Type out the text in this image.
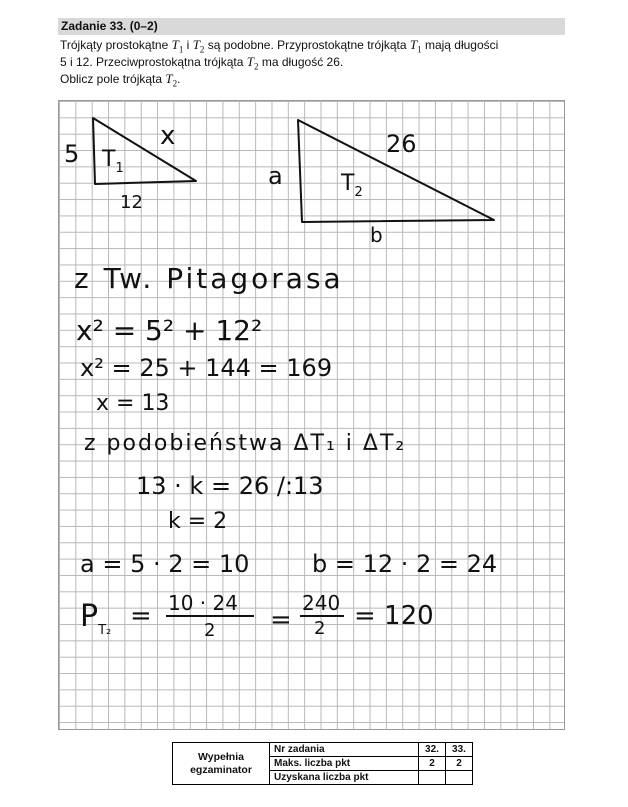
Zadanie 33. (0–2)
Trójkąty prostokątne $T_1$ i $T_2$ są podobne. Przyprostokątne trójkąta $T_1$ mają długości
5 i 12. Przeciwprostokątna trójkąta $T_2$ ma długość 26.
Oblicz pole trójkąta $T_2$.
5 $T_1$
x
12
26
$T_2$
a
b
z Tw. Pitagorasa
x² = 5² + 12²
x² = 25 + 144 = 169
x = 13
z podobieństwa ΔT₁ i ΔT₂
13 · k = 26 /:13
k = 2
a = 5 · 2 = 10	b = 12 · 2 = 24
$P_{T_2} = 10 \cdot 24$
2 =
240
2 = 120
Wypełnia
egzaminator	Nr zadania	32.	33.
	Maks. liczba pkt	2	2
	Uzyskana liczba pkt		
